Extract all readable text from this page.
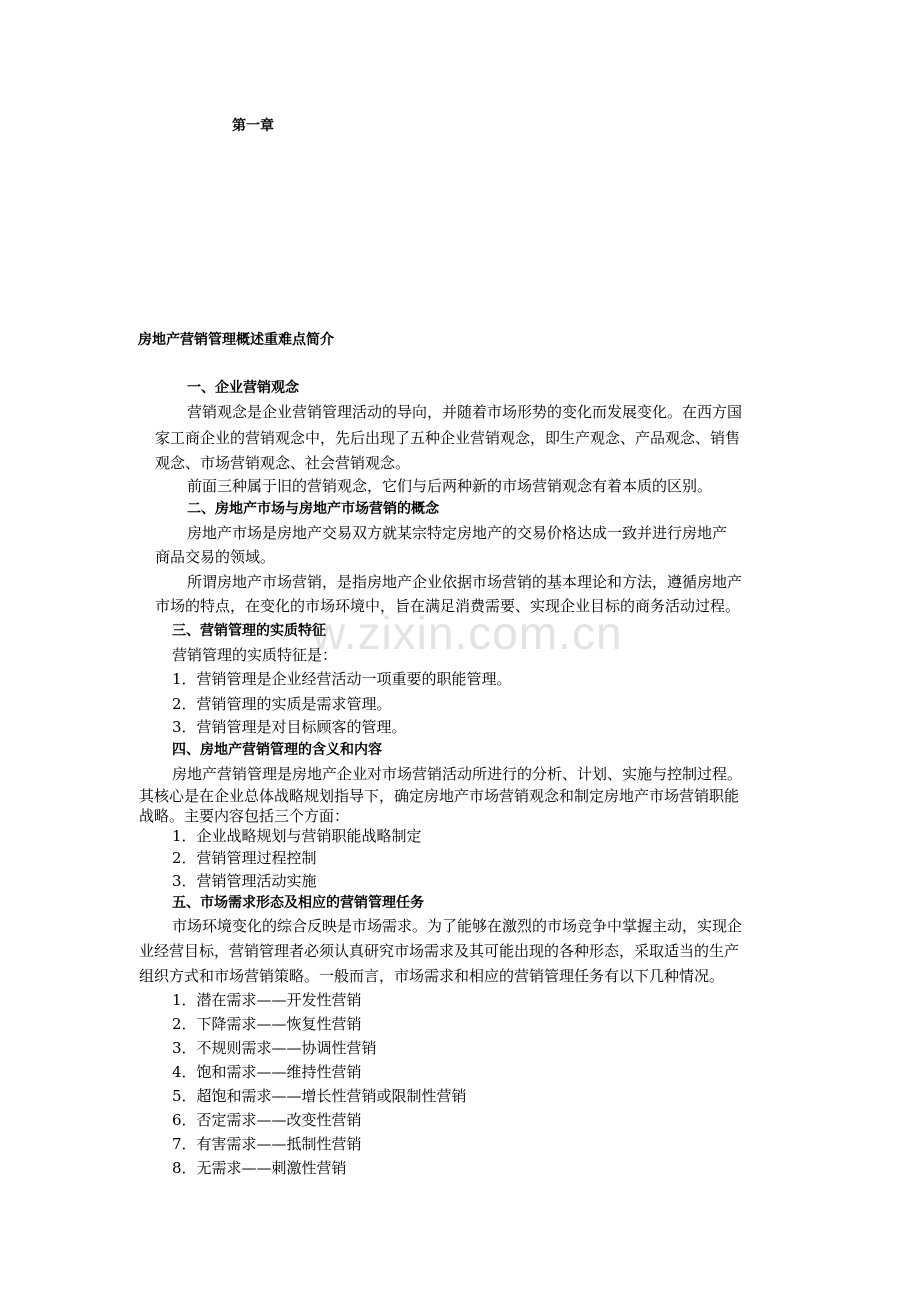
w.zixin.com.cn
第一章
房地产营销管理概述重难点简介
一、企业营销观念
营销观念是企业营销管理活动的导向，并随着市场形势的变化而发展变化。在西方国
家工商企业的营销观念中，先后出现了五种企业营销观念，即生产观念、产品观念、销售
观念、市场营销观念、社会营销观念。
前面三种属于旧的营销观念，它们与后两种新的市场营销观念有着本质的区别。
二、房地产市场与房地产市场营销的概念
房地产市场是房地产交易双方就某宗特定房地产的交易价格达成一致并进行房地产
商品交易的领域。
所谓房地产市场营销，是指房地产企业依据市场营销的基本理论和方法，遵循房地产
市场的特点，在变化的市场环境中，旨在满足消费需要、实现企业目标的商务活动过程。
三、营销管理的实质特征
营销管理的实质特征是：
1．营销管理是企业经营活动一项重要的职能管理。
2．营销管理的实质是需求管理。
3．营销管理是对目标顾客的管理。
四、房地产营销管理的含义和内容
房地产营销管理是房地产企业对市场营销活动所进行的分析、计划、实施与控制过程。
其核心是在企业总体战略规划指导下，确定房地产市场营销观念和制定房地产市场营销职能
战略。主要内容包括三个方面：
1．企业战略规划与营销职能战略制定
2．营销管理过程控制
3．营销管理活动实施
五、市场需求形态及相应的营销管理任务
市场环境变化的综合反映是市场需求。为了能够在激烈的市场竞争中掌握主动，实现企
业经营目标，营销管理者必须认真研究市场需求及其可能出现的各种形态，采取适当的生产
组织方式和市场营销策略。一般而言，市场需求和相应的营销管理任务有以下几种情况。
1．潜在需求——开发性营销
2．下降需求——恢复性营销
3．不规则需求——协调性营销
4．饱和需求——维持性营销
5．超饱和需求——增长性营销或限制性营销
6．否定需求——改变性营销
7．有害需求——抵制性营销
8．无需求——刺激性营销
